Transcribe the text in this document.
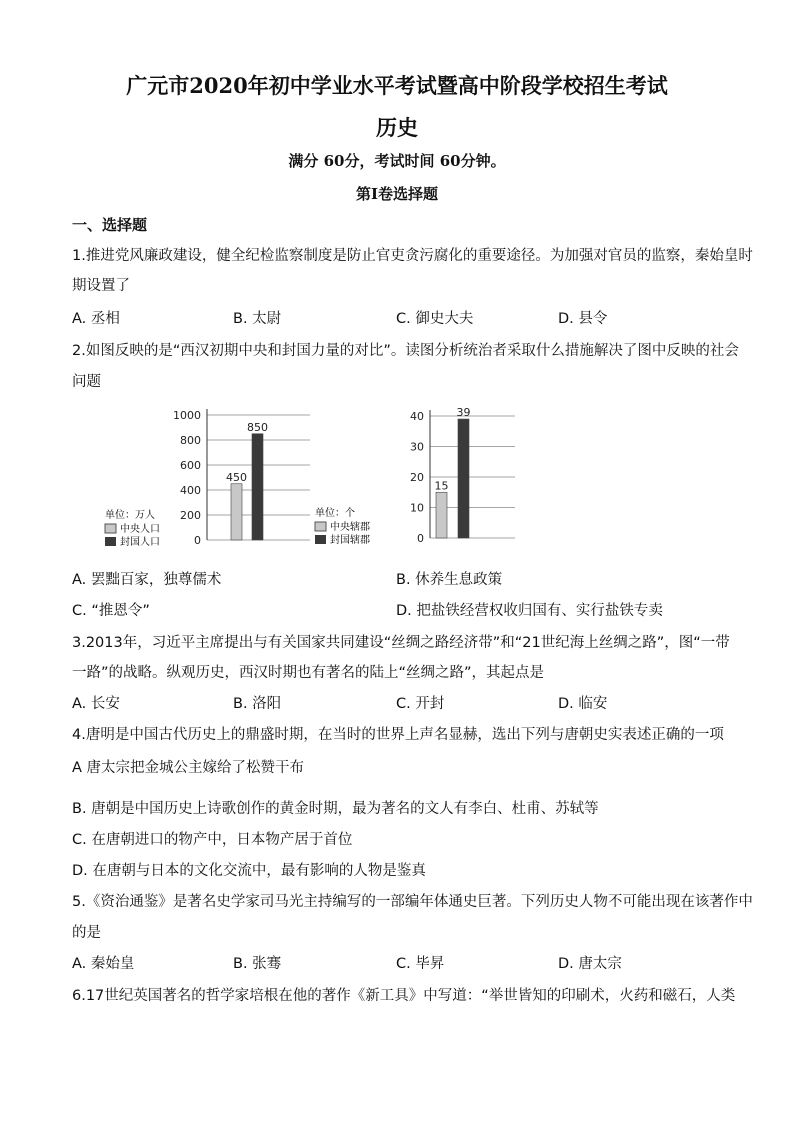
广元市2020年初中学业水平考试暨高中阶段学校招生考试
历史
满分 60分，考试时间 60分钟。
第Ⅰ卷选择题
一、选择题
1.推进党风廉政建设，健全纪检监察制度是防止官吏贪污腐化的重要途径。为加强对官员的监察，秦始皇时
期设置了
A. 丞相	B. 太尉	C. 御史大夫	D. 县令
2.如图反映的是“西汉初期中央和封国力量的对比”。读图分析统治者采取什么措施解决了图中反映的社会
问题
1000
800
600
400
200
0
450
850
单位：万人
中央人口
封国人口
40
30
20
10
0
15
39
单位：个
中央辖郡
封国辖郡
A. 罢黜百家，独尊儒术	B. 休养生息政策
C. “推恩令”	D. 把盐铁经营权收归国有、实行盐铁专卖
3.2013年，习近平主席提出与有关国家共同建设“丝绸之路经济带”和“21世纪海上丝绸之路”，图“一带
一路”的战略。纵观历史，西汉时期也有著名的陆上“丝绸之路”，其起点是
A. 长安	B. 洛阳	C. 开封	D. 临安
4.唐明是中国古代历史上的鼎盛时期，在当时的世界上声名显赫，选出下列与唐朝史实表述正确的一项
A 唐太宗把金城公主嫁给了松赞干布
B. 唐朝是中国历史上诗歌创作的黄金时期，最为著名的文人有李白、杜甫、苏轼等
C. 在唐朝进口的物产中，日本物产居于首位
D. 在唐朝与日本的文化交流中，最有影响的人物是鉴真
5.《资治通鉴》是著名史学家司马光主持编写的一部编年体通史巨著。下列历史人物不可能出现在该著作中
的是
A. 秦始皇	B. 张骞	C. 毕昇	D. 唐太宗
6.17世纪英国著名的哲学家培根在他的著作《新工具》中写道：“举世皆知的印刷术，火药和磁石，人类
